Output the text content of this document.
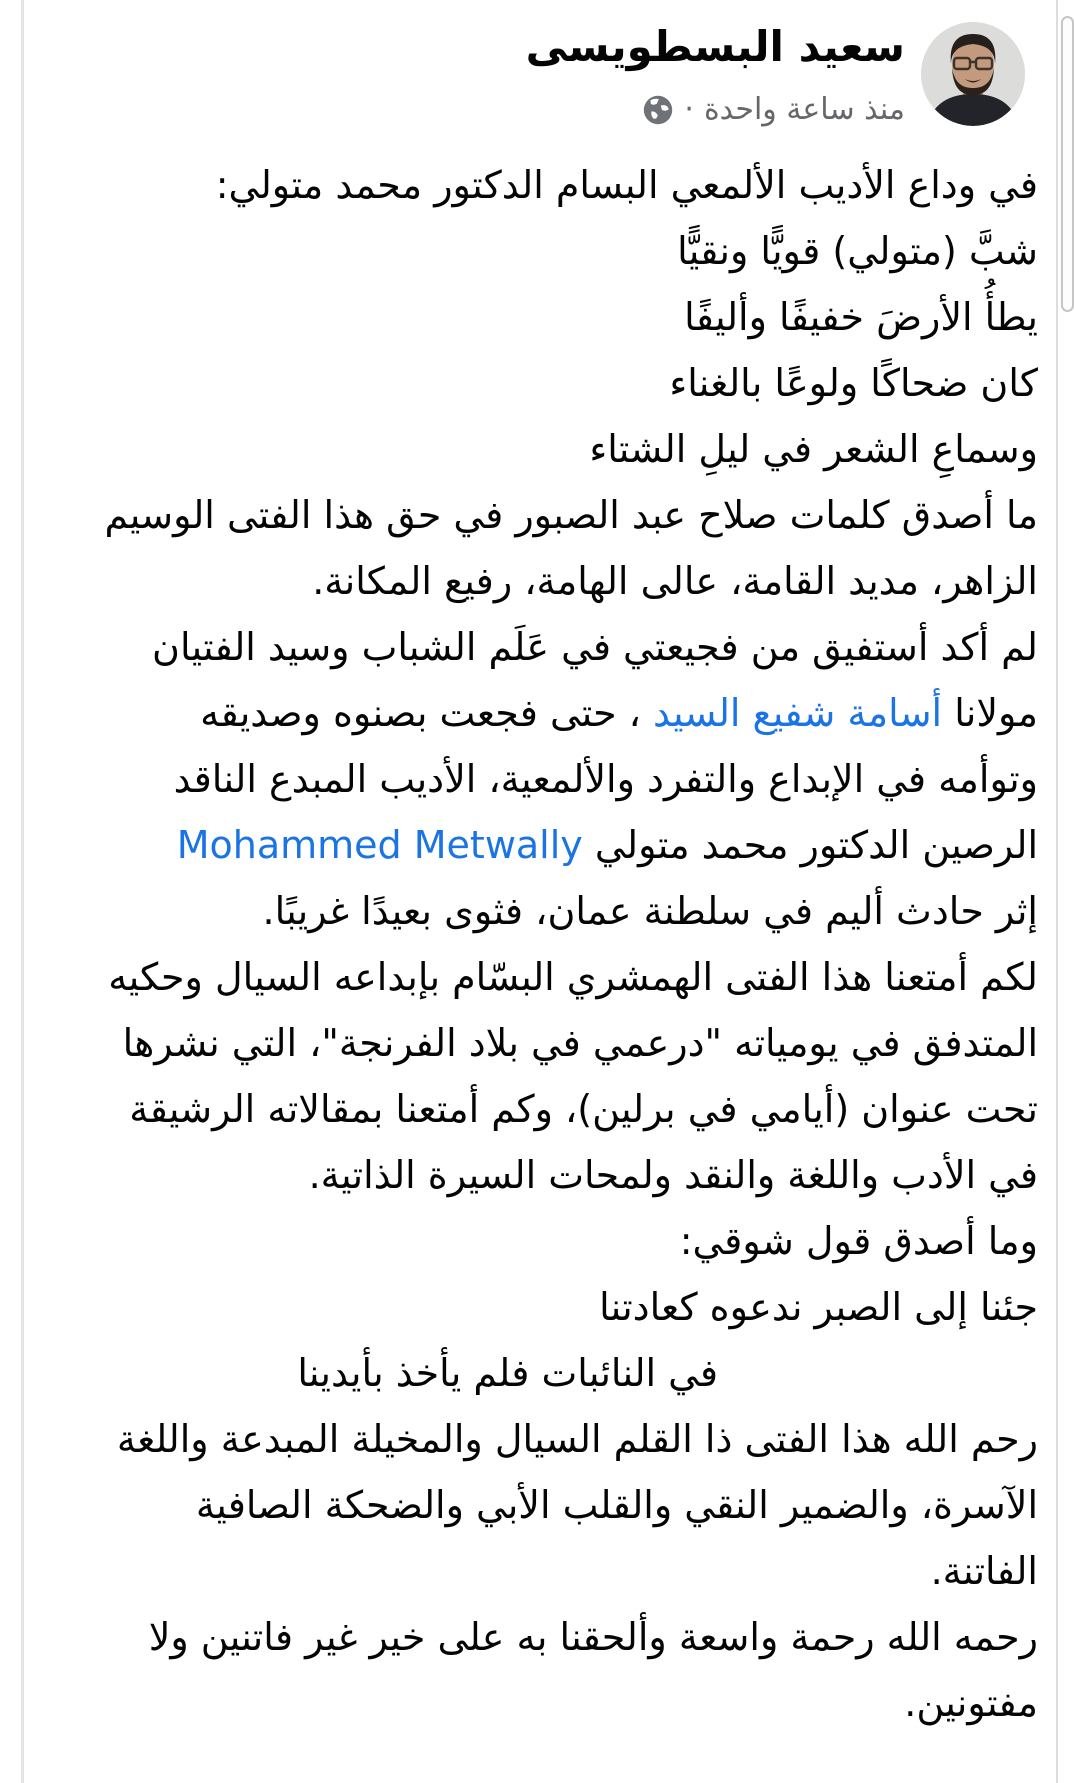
سعيد البسطويسى
منذ ساعة واحدة
·
في وداع الأديب الألمعي البسام الدكتور محمد متولي:
شبَّ (متولي) قويًّا ونقيًّا
يطأُ الأرضَ خفيفًا وأليفًا
كان ضحاكًا ولوعًا بالغناء
وسماعِ الشعر في ليلِ الشتاء
ما أصدق كلمات صلاح عبد الصبور في حق هذا الفتى الوسيم
الزاهر، مديد القامة، عالى الهامة، رفيع المكانة.
لم أكد أستفيق من فجيعتي في عَلَم الشباب وسيد الفتيان
مولانا أسامة شفيع السيد ، حتى فجعت بصنوه وصديقه
وتوأمه في الإبداع والتفرد والألمعية، الأديب المبدع الناقد
الرصين الدكتور محمد متولي Mohammed Metwally
إثر حادث أليم في سلطنة عمان، فثوى بعيدًا غريبًا.
لكم أمتعنا هذا الفتى الهمشري البسّام بإبداعه السيال وحكيه
المتدفق في يومياته "درعمي في بلاد الفرنجة"، التي نشرها
تحت عنوان (أيامي في برلين)، وكم أمتعنا بمقالاته الرشيقة
في الأدب واللغة والنقد ولمحات السيرة الذاتية.
وما أصدق قول شوقي:
جئنا إلى الصبر ندعوه كعادتنا
في النائبات فلم يأخذ بأيدينا
رحم الله هذا الفتى ذا القلم السيال والمخيلة المبدعة واللغة
الآسرة، والضمير النقي والقلب الأبي والضحكة الصافية
الفاتنة.
رحمه الله رحمة واسعة وألحقنا به على خير غير فاتنين ولا
مفتونين.
